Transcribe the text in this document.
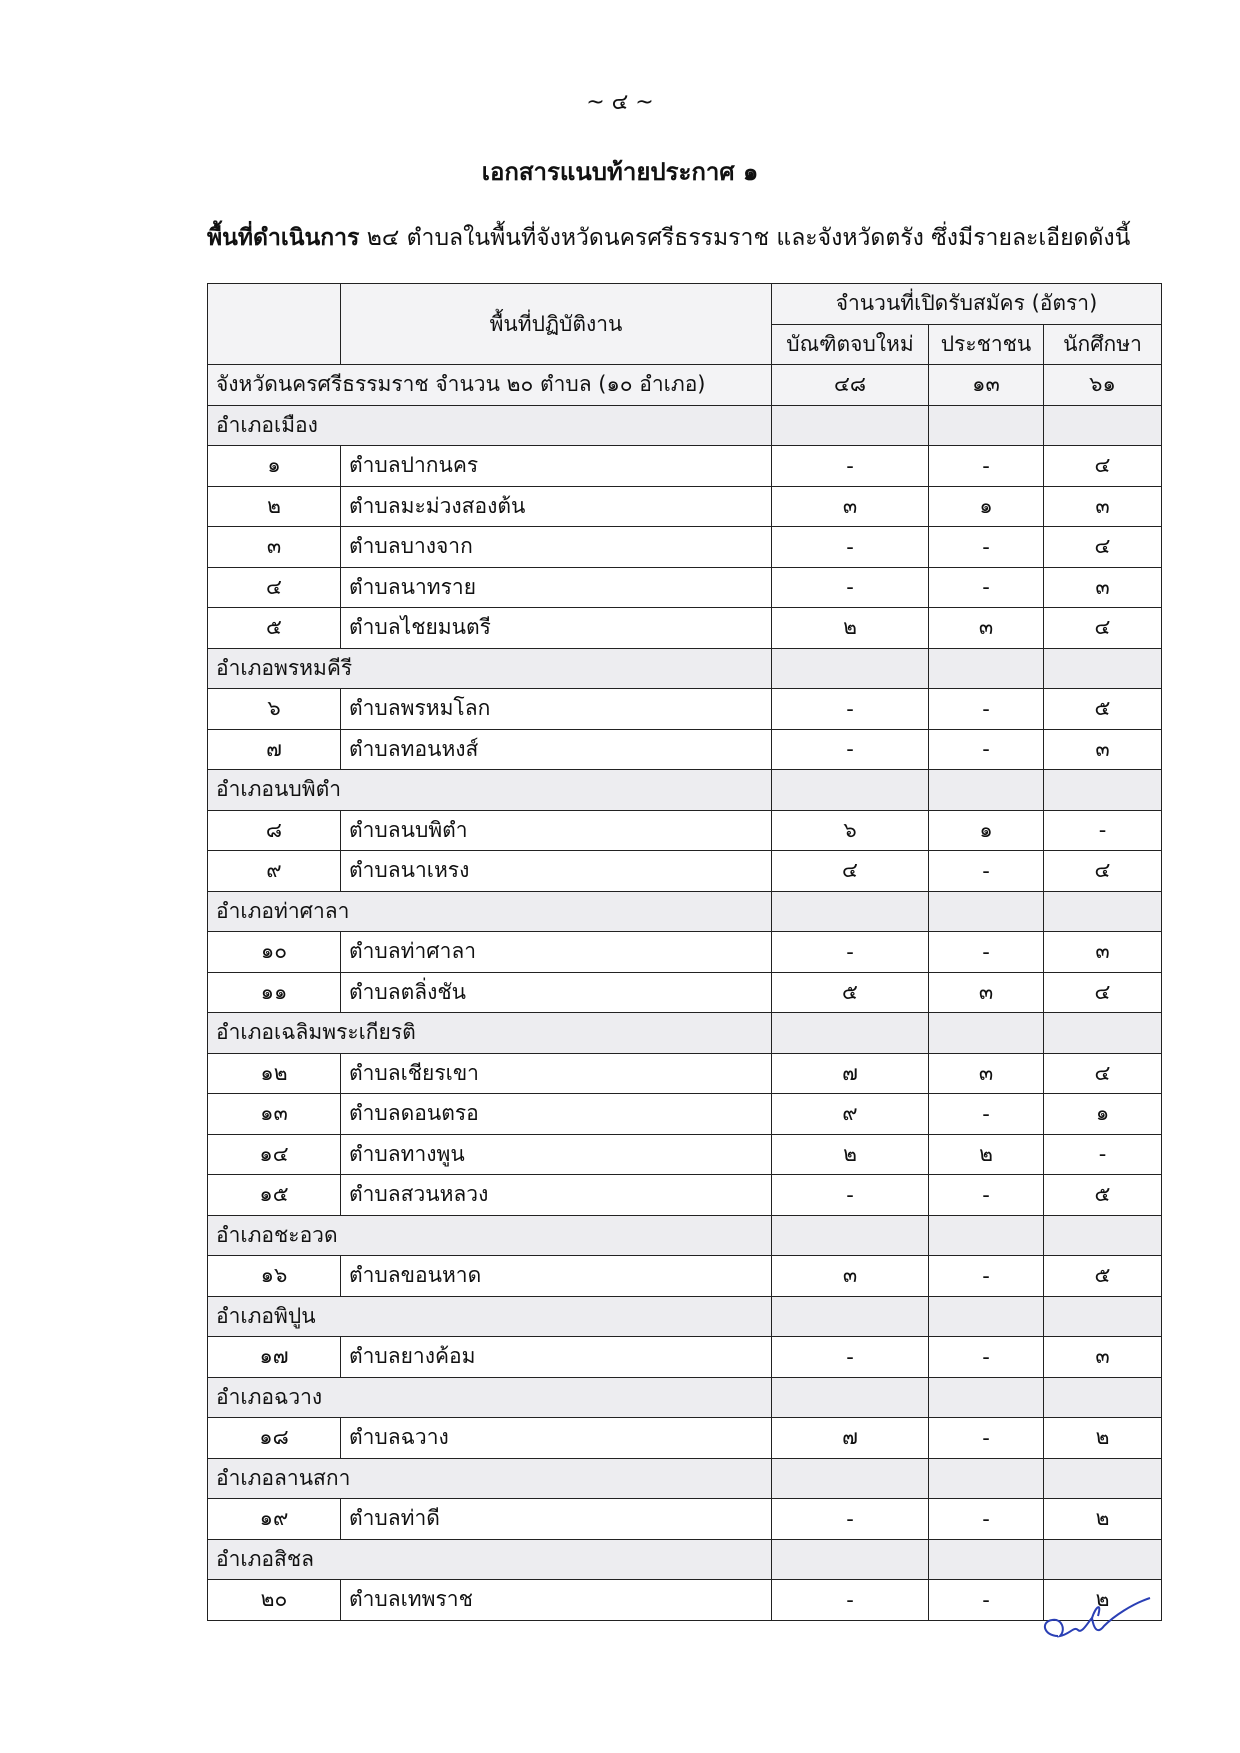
~ ๔ ~
เอกสารแนบท้ายประกาศ ๑
พื้นที่ดำเนินการ ๒๔ ตำบลในพื้นที่จังหวัดนครศรีธรรมราช และจังหวัดตรัง ซึ่งมีรายละเอียดดังนี้
	พื้นที่ปฏิบัติงาน	จำนวนที่เปิดรับสมัคร (อัตรา)		
		บัณฑิตจบใหม่	ประชาชน	นักศึกษา
จังหวัดนครศรีธรรมราช จำนวน ๒๐ ตำบล (๑๐ อำเภอ)		๔๘	๑๓	๖๑
อำเภอเมือง				
๑	ตำบลปากนคร	-	-	๔
๒	ตำบลมะม่วงสองต้น	๓	๑	๓
๓	ตำบลบางจาก	-	-	๔
๔	ตำบลนาทราย	-	-	๓
๕	ตำบลไชยมนตรี	๒	๓	๔
อำเภอพรหมคีรี				
๖	ตำบลพรหมโลก	-	-	๕
๗	ตำบลทอนหงส์	-	-	๓
อำเภอนบพิตำ				
๘	ตำบลนบพิตำ	๖	๑	-
๙	ตำบลนาเหรง	๔	-	๔
อำเภอท่าศาลา				
๑๐	ตำบลท่าศาลา	-	-	๓
๑๑	ตำบลตลิ่งชัน	๕	๓	๔
อำเภอเฉลิมพระเกียรติ				
๑๒	ตำบลเชียรเขา	๗	๓	๔
๑๓	ตำบลดอนตรอ	๙	-	๑
๑๔	ตำบลทางพูน	๒	๒	-
๑๕	ตำบลสวนหลวง	-	-	๕
อำเภอชะอวด				
๑๖	ตำบลขอนหาด	๓	-	๕
อำเภอพิปูน				
๑๗	ตำบลยางค้อม	-	-	๓
อำเภอฉวาง				
๑๘	ตำบลฉวาง	๗	-	๒
อำเภอลานสกา				
๑๙	ตำบลท่าดี	-	-	๒
อำเภอสิชล				
๒๐	ตำบลเทพราช	-	-	๒
